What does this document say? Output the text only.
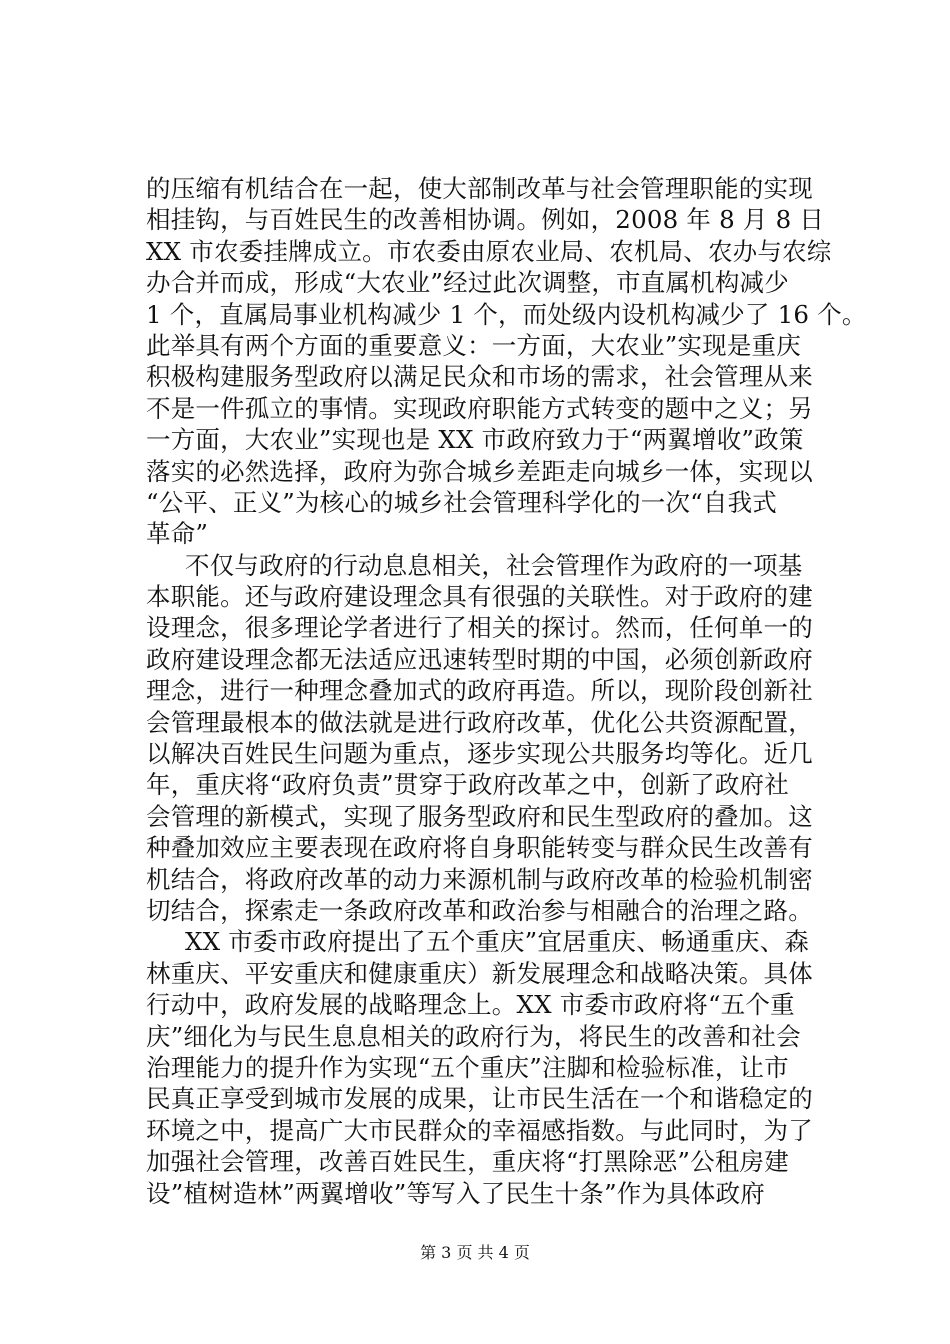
的压缩有机结合在一起，使大部制改革与社会管理职能的实现
相挂钩，与百姓民生的改善相协调。例如，2008 年 8 月 8 日
XX 市农委挂牌成立。市农委由原农业局、农机局、农办与农综
办合并而成，形成“大农业”经过此次调整，市直属机构减少
1 个，直属局事业机构减少 1 个，而处级内设机构减少了 16 个。
此举具有两个方面的重要意义：一方面，大农业”实现是重庆
积极构建服务型政府以满足民众和市场的需求，社会管理从来
不是一件孤立的事情。实现政府职能方式转变的题中之义；另
一方面，大农业”实现也是 XX 市政府致力于“两翼增收”政策
落实的必然选择，政府为弥合城乡差距走向城乡一体，实现以
“公平、正义”为核心的城乡社会管理科学化的一次“自我式
革命”
不仅与政府的行动息息相关，社会管理作为政府的一项基
本职能。还与政府建设理念具有很强的关联性。对于政府的建
设理念，很多理论学者进行了相关的探讨。然而，任何单一的
政府建设理念都无法适应迅速转型时期的中国，必须创新政府
理念，进行一种理念叠加式的政府再造。所以，现阶段创新社
会管理最根本的做法就是进行政府改革，优化公共资源配置，
以解决百姓民生问题为重点，逐步实现公共服务均等化。近几
年，重庆将“政府负责”贯穿于政府改革之中，创新了政府社
会管理的新模式，实现了服务型政府和民生型政府的叠加。这
种叠加效应主要表现在政府将自身职能转变与群众民生改善有
机结合，将政府改革的动力来源机制与政府改革的检验机制密
切结合，探索走一条政府改革和政治参与相融合的治理之路。
XX 市委市政府提出了五个重庆”宜居重庆、畅通重庆、森
林重庆、平安重庆和健康重庆）新发展理念和战略决策。具体
行动中，政府发展的战略理念上。XX 市委市政府将“五个重
庆”细化为与民生息息相关的政府行为，将民生的改善和社会
治理能力的提升作为实现“五个重庆”注脚和检验标准，让市
民真正享受到城市发展的成果，让市民生活在一个和谐稳定的
环境之中，提高广大市民群众的幸福感指数。与此同时，为了
加强社会管理，改善百姓民生，重庆将“打黑除恶”公租房建
设”植树造林”两翼增收”等写入了民生十条”作为具体政府
第 3 页 共 4 页
